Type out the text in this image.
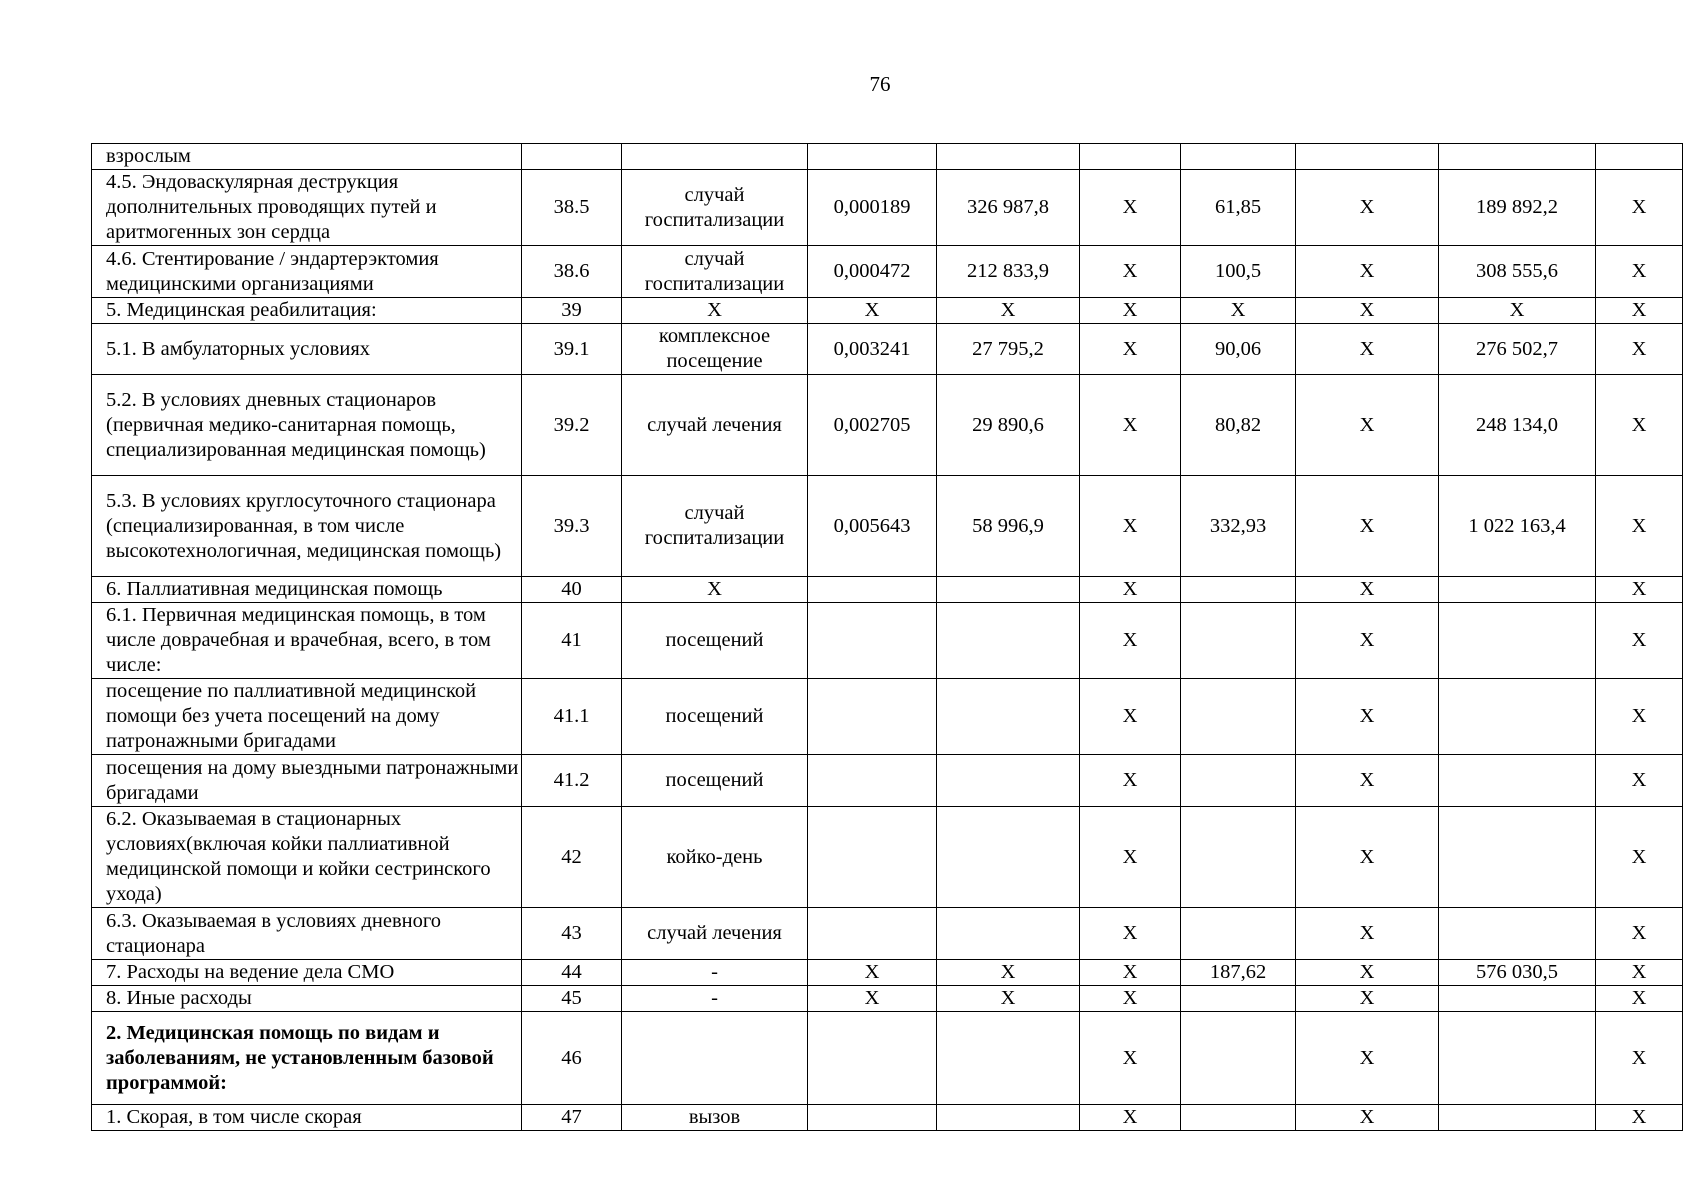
76
взрослым									
4.5. Эндоваскулярная деструкция дополнительных проводящих путей и аритмогенных зон сердца	38.5	случай госпитализации	0,000189	326 987,8	X	61,85	X	189 892,2	X
4.6. Стентирование / эндартерэктомия медицинскими организациями	38.6	случай госпитализации	0,000472	212 833,9	X	100,5	X	308 555,6	X
5. Медицинская реабилитация:	39	X	X	X	X	X	X	X	X
5.1. В амбулаторных условиях	39.1	комплексное посещение	0,003241	27 795,2	X	90,06	X	276 502,7	X
5.2. В условиях дневных стационаров (первичная медико-санитарная помощь, специализированная медицинская помощь)	39.2	случай лечения	0,002705	29 890,6	X	80,82	X	248 134,0	X
5.3. В условиях круглосуточного стационара (специализированная, в том числе высокотехнологичная, медицинская помощь)	39.3	случай госпитализации	0,005643	58 996,9	X	332,93	X	1 022 163,4	X
6. Паллиативная медицинская помощь	40	X			X		X		X
6.1. Первичная медицинская помощь, в том числе доврачебная и врачебная, всего, в том числе:	41	посещений			X		X		X
посещение по паллиативной медицинской помощи без учета посещений на дому патронажными бригадами	41.1	посещений			X		X		X
посещения на дому выездными патронажными бригадами	41.2	посещений			X		X		X
6.2. Оказываемая в стационарных условиях(включая койки паллиативной медицинской помощи и койки сестринского ухода)	42	койко-день			X		X		X
6.3. Оказываемая в условиях дневного стационара	43	случай лечения			X		X		X
7. Расходы на ведение дела СМО	44	-	X	X	X	187,62	X	576 030,5	X
8. Иные расходы	45	-	X	X	X		X		X
2. Медицинская помощь по видам и заболеваниям, не установленным базовой программой:	46				X		X		X
1. Скорая, в том числе скорая	47	вызов			X		X		X
